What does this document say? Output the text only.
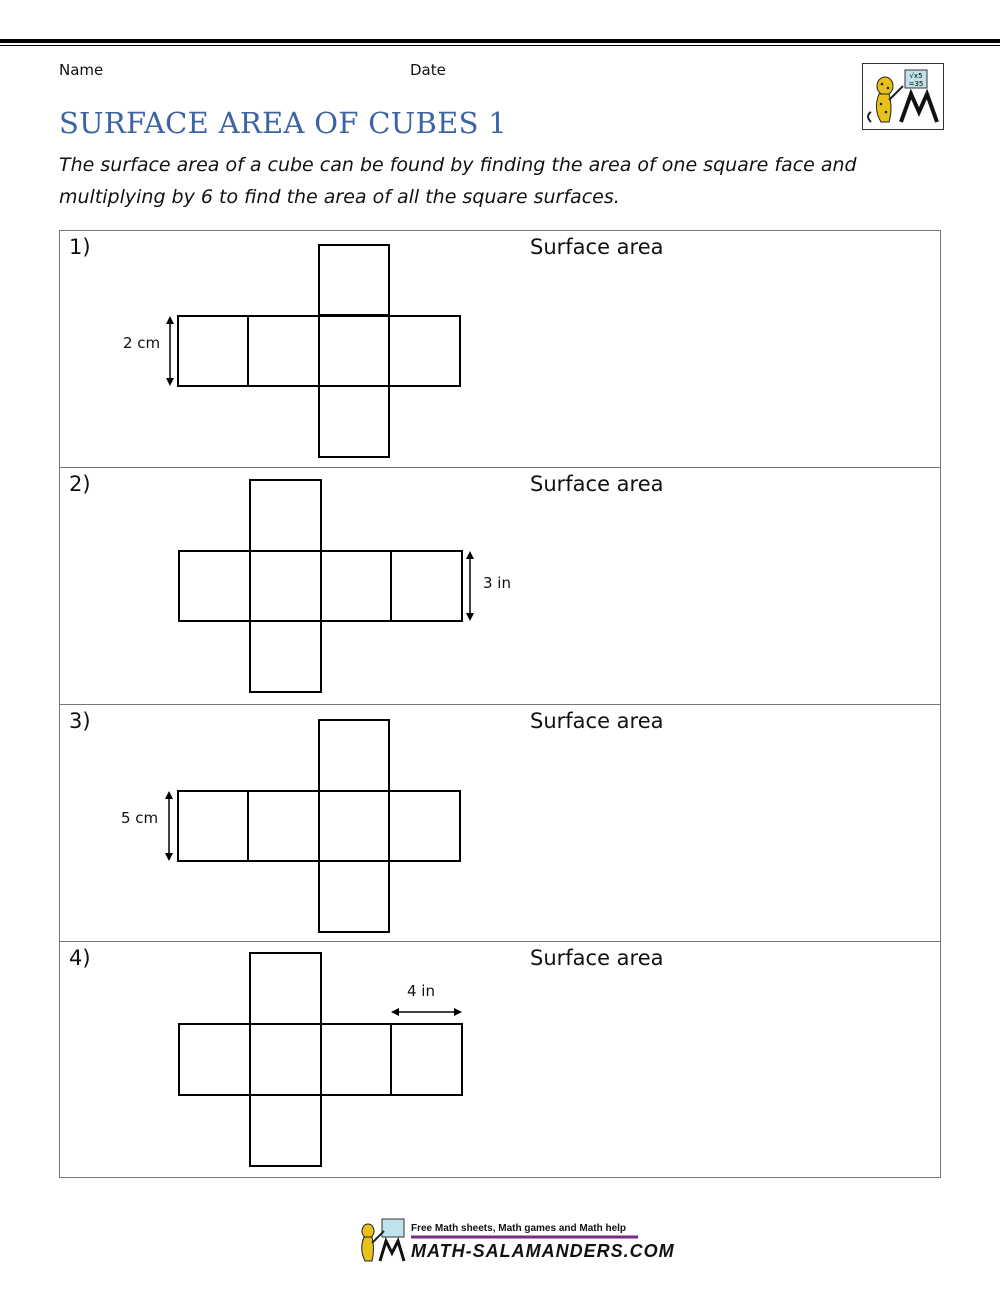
Name	Date	√x5
=35
SURFACE AREA OF CUBES 1
The surface area of a cube can be found by finding the area of one square face and multiplying by 6 to find the area of all the square surfaces.
1)	Surface area
2 cm
2)	Surface area
3 in
3)	Surface area
5 cm
4)	Surface area
4 in
Free Math sheets, Math games and Math help
MATH-SALAMANDERS.COM
